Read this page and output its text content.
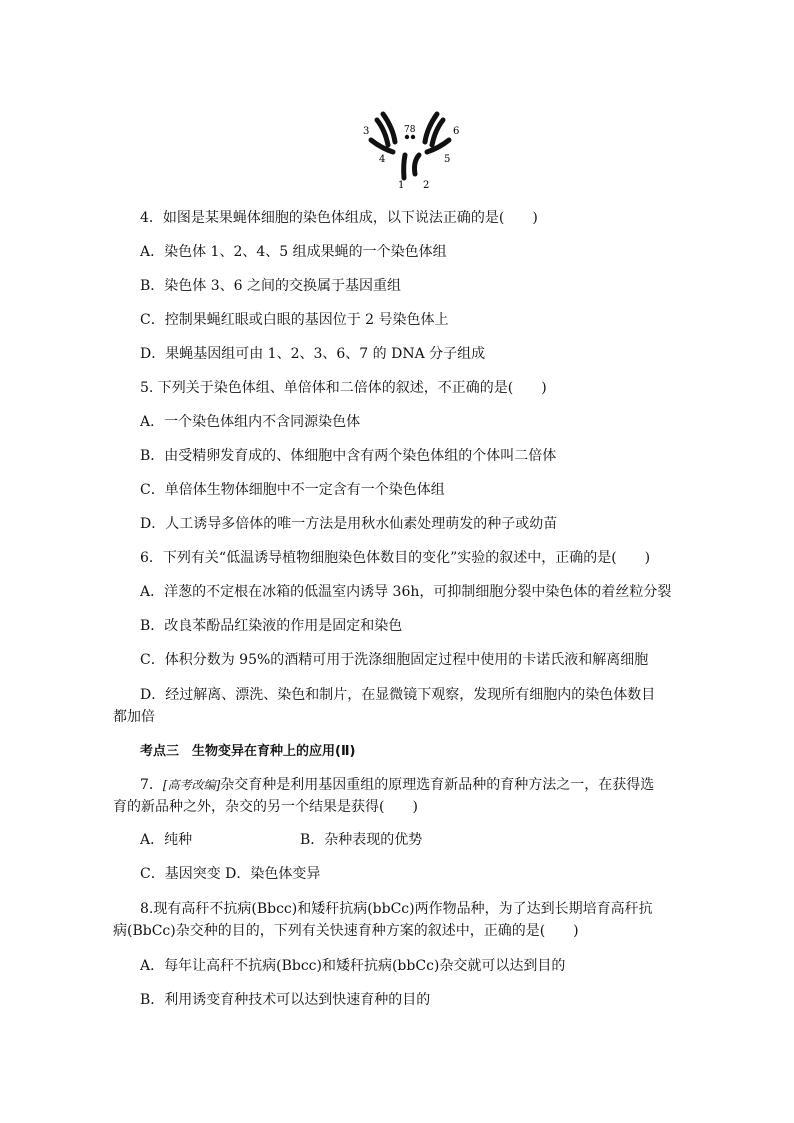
3	78	6
4	5
1 2
4．如图是某果蝇体细胞的染色体组成，以下说法正确的是(　　)
A．染色体 1、2、4、5 组成果蝇的一个染色体组
B．染色体 3、6 之间的交换属于基因重组
C．控制果蝇红眼或白眼的基因位于 2 号染色体上
D．果蝇基因组可由 1、2、3、6、7 的 DNA 分子组成
5. 下列关于染色体组、单倍体和二倍体的叙述，不正确的是(　　)
A．一个染色体组内不含同源染色体
B．由受精卵发育成的、体细胞中含有两个染色体组的个体叫二倍体
C．单倍体生物体细胞中不一定含有一个染色体组
D．人工诱导多倍体的唯一方法是用秋水仙素处理萌发的种子或幼苗
6．下列有关“低温诱导植物细胞染色体数目的变化”实验的叙述中，正确的是(　　)
A．洋葱的不定根在冰箱的低温室内诱导 36h，可抑制细胞分裂中染色体的着丝粒分裂
B．改良苯酚品红染液的作用是固定和染色
C．体积分数为 95%的酒精可用于洗涤细胞固定过程中使用的卡诺氏液和解离细胞
D．经过解离、漂洗、染色和制片，在显微镜下观察，发现所有细胞内的染色体数目都加倍
考点三　生物变异在育种上的应用(Ⅱ)
7．[高考改编]杂交育种是利用基因重组的原理选育新品种的育种方法之一，在获得选育的新品种之外，杂交的另一个结果是获得(　　)
A．纯种	B．杂种表现的优势
C．基因突变 D．染色体变异
8.现有高秆不抗病(Bbcc)和矮秆抗病(bbCc)两作物品种，为了达到长期培育高秆抗病(BbCc)杂交种的目的，下列有关快速育种方案的叙述中，正确的是(　　)
A．每年让高秆不抗病(Bbcc)和矮秆抗病(bbCc)杂交就可以达到目的
B．利用诱变育种技术可以达到快速育种的目的
